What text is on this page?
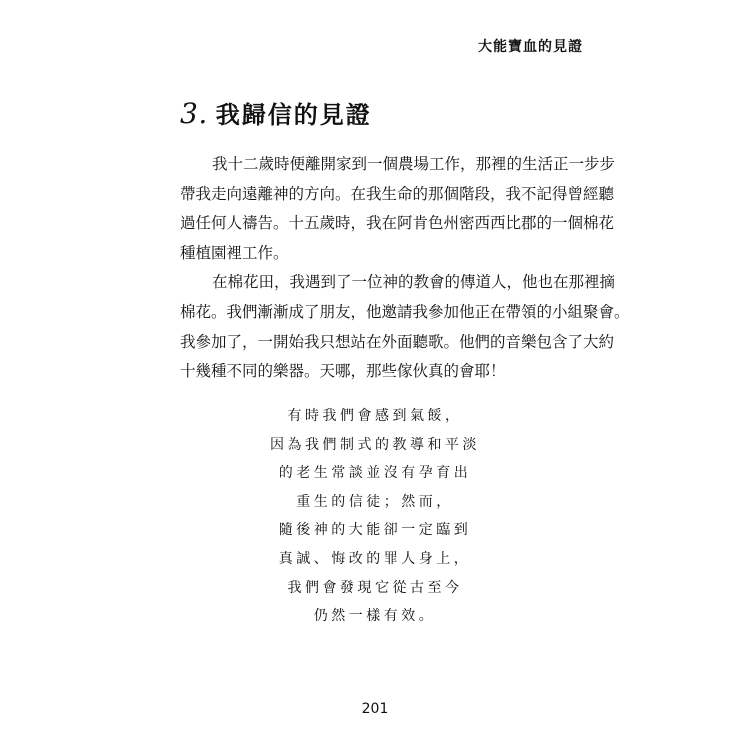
大能寶血的見證
3. 我歸信的見證

我十二歲時便離開家到一個農場工作，那裡的生活正一步步
帶我走向遠離神的方向。在我生命的那個階段，我不記得曾經聽
過任何人禱告。十五歲時，我在阿肯色州密西西比郡的一個棉花
種植園裡工作。

在棉花田，我遇到了一位神的教會的傳道人，他也在那裡摘
棉花。我們漸漸成了朋友，他邀請我參加他正在帶領的小組聚會。
我參加了，一開始我只想站在外面聽歌。他們的音樂包含了大約
十幾種不同的樂器。天哪，那些傢伙真的會耶！

有時我們會感到氣餒，
因為我們制式的教導和平淡
的老生常談並沒有孕育出
重生的信徒；然而，
隨後神的大能卻一定臨到
真誠、悔改的罪人身上，
我們會發現它從古至今
仍然一樣有效。
201
